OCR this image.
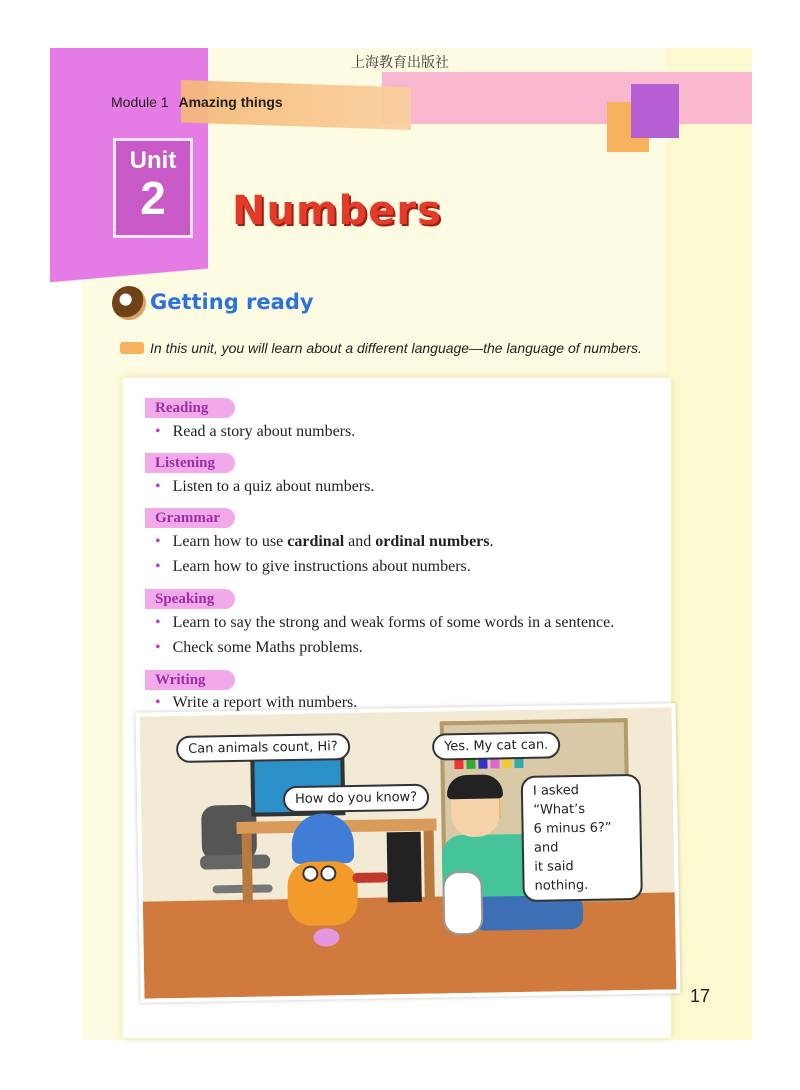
上海教育出版社
Module 1 Amazing things
Unit
2	Numbers
Getting ready
In this unit, you will learn about a different language—the language of numbers.
Reading
• Read a story about numbers.
Listening
• Listen to a quiz about numbers.
Grammar
• Learn how to use cardinal and ordinal numbers.
• Learn how to give instructions about numbers.
Speaking
• Learn to say the strong and weak forms of some words in a sentence.
• Check some Maths problems.
Writing
• Write a report with numbers.
Can animals count, Hi?
How do you know?
Yes. My cat can.
I asked “What’s
6 minus 6?” and
it said nothing.
17
